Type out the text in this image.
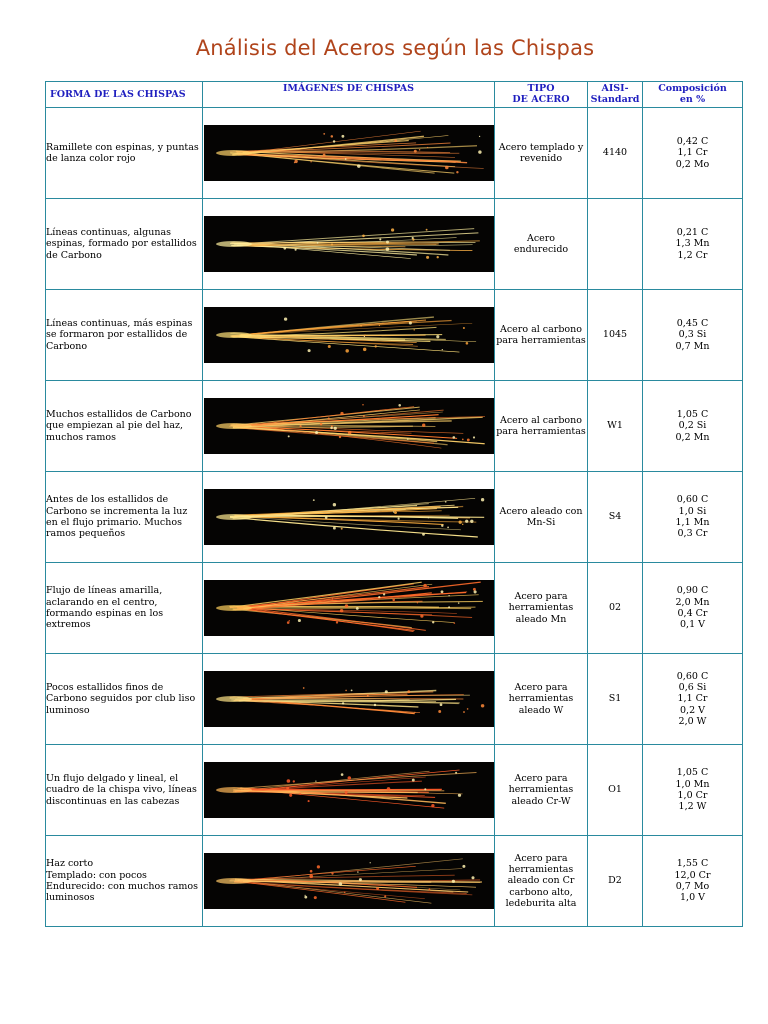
Análisis del Aceros según las Chispas
FORMA DE LAS CHISPAS	IMÁGENES DE CHISPAS	TIPO
DE ACERO	AISI-
Standard	Composición
en %
Ramillete con espinas, y puntas de lanza color rojo		Acero templado y revenido	4140	0,42 C
1,1 Cr
0,2 Mo
Líneas continuas, algunas espinas, formado por estallidos de Carbono		Acero
endurecido		0,21 C
1,3 Mn
1,2 Cr
Líneas continuas, más espinas se formaron por estallidos de Carbono		Acero al carbono para herramientas	1045	0,45 C
0,3 Si
0,7 Mn
Muchos estallidos de Carbono que empiezan al pie del haz, muchos ramos		Acero al carbono para herramientas	W1	1,05 C
0,2 Si
0,2 Mn
Antes de los estallidos de Carbono se incrementa la luz en el flujo primario. Muchos ramos pequeños		Acero aleado con Mn-Si	S4	0,60 C
1,0 Si
1,1 Mn
0,3 Cr
Flujo de líneas amarilla, aclarando en el centro, formando espinas en los extremos		Acero para herramientas aleado Mn	02	0,90 C
2,0 Mn
0,4 Cr
0,1 V
Pocos estallidos finos de Carbono seguidos por club liso luminoso		Acero para herramientas aleado W	S1	0,60 C
0,6 Si
1,1 Cr
0,2 V
2,0 W
Un flujo delgado y lineal, el cuadro de la chispa vivo, líneas discontinuas en las cabezas		Acero para herramientas aleado Cr-W	O1	1,05 C
1,0 Mn
1,0 Cr
1,2 W
Haz corto
Templado: con pocos
Endurecido: con muchos ramos luminosos		Acero para herramientas aleado con Cr carbono alto, ledeburita alta	D2	1,55 C
12,0 Cr
0,7 Mo
1,0 V
